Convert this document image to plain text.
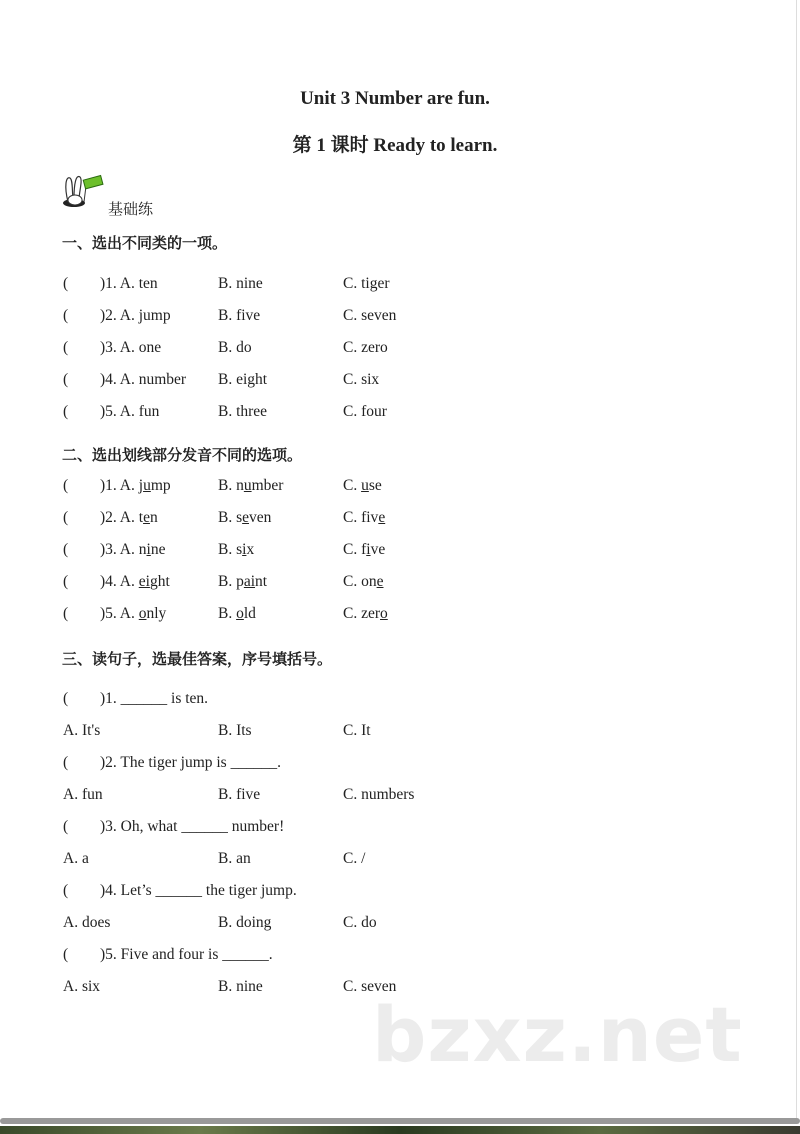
Unit 3 Number are fun.
第 1 课时 Ready to learn.
基础练
一、选出不同类的一项。
( )1. A. ten	B. nine	C. tiger
( )2. A. jump	B. five	C. seven
( )3. A. one	B. do	C. zero
( )4. A. number B. eight	C. six
( )5. A. fun	B. three	C. four
二、选出划线部分发音不同的选项。
( )1. A. jump	B. number	C. use
( )2. A. ten	B. seven	C. five
( )3. A. nine	B. six	C. five
( )4. A. eight	B. paint	C. one
( )5. A. only	B. old	C. zero
三、读句子，选最佳答案，序号填括号。
( )1. ______ is ten.
A. It's	B. Its	C. It
( )2. The tiger jump is ______.
A. fun	B. five	C. numbers
( )3. Oh, what ______ number!
A. a	B. an	C. /
( )4. Let’s ______ the tiger jump.
A. does	B. doing	C. do
( )5. Five and four is ______.
A. six	B. nine	C. seven
bzxz.net
